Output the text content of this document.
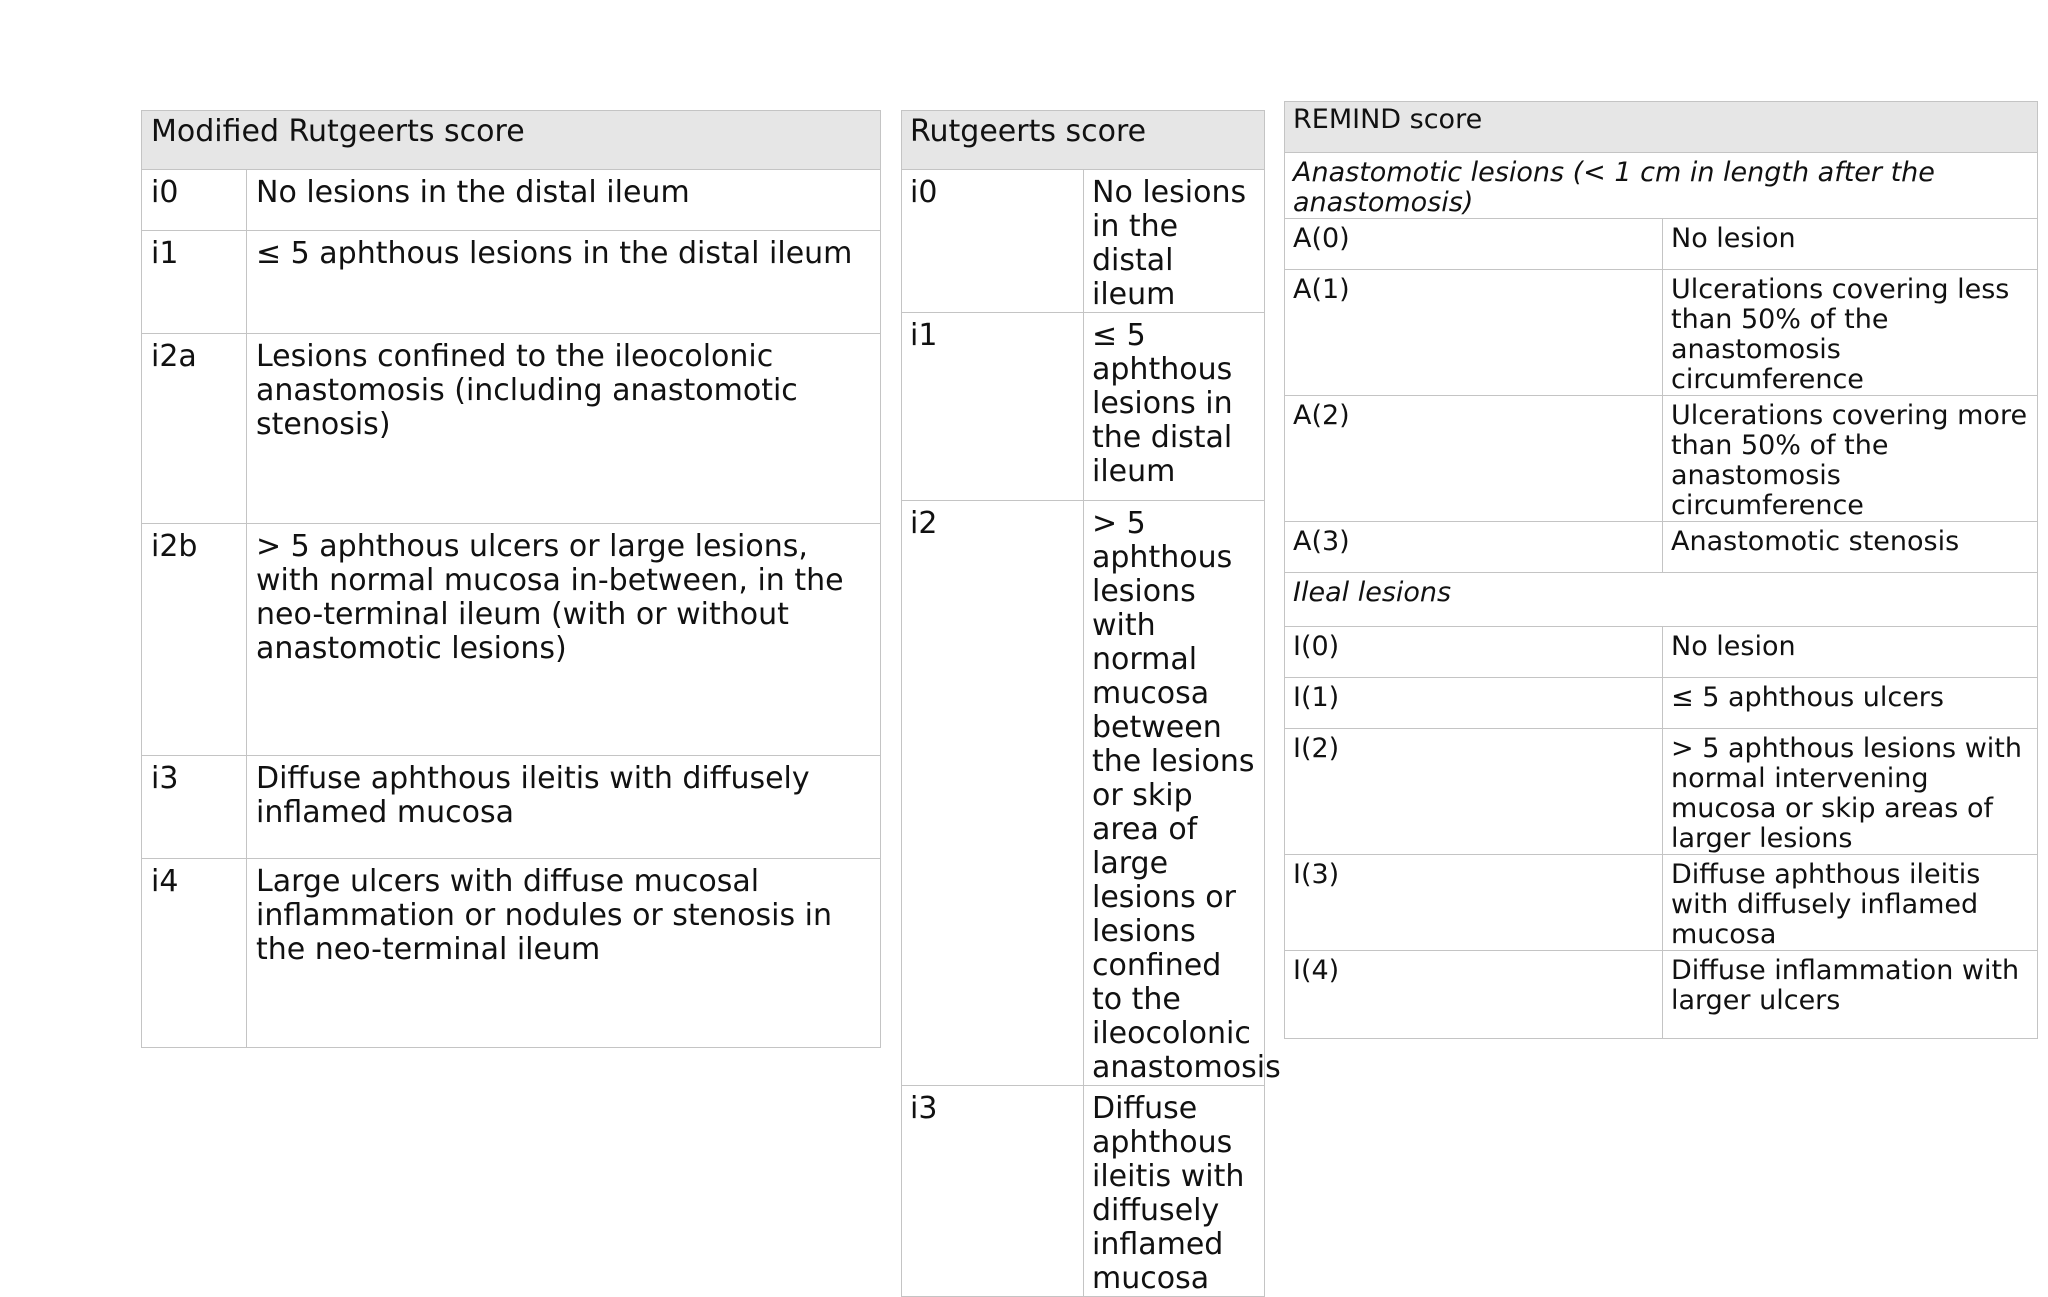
Modified Rutgeerts score	
i0	No lesions in the distal ileum
i1	≤ 5 aphthous lesions in the distal ileum
i2a	Lesions confined to the ileocolonic anastomosis (including anastomotic stenosis)
i2b	> 5 aphthous ulcers or large lesions, with normal mucosa in-between, in the neo-terminal ileum (with or without anastomotic lesions)
i3	Diffuse aphthous ileitis with diffusely inflamed mucosa
i4	Large ulcers with diffuse mucosal inflammation or nodules or stenosis in the neo-terminal ileum
Rutgeerts score	
i0	No lesions in the distal ileum
i1	≤ 5 aphthous lesions in the distal ileum
i2	> 5 aphthous lesions with normal mucosa between the lesions or skip area of large lesions or lesions confined to the ileocolonic anastomosis
i3	Diffuse aphthous ileitis with diffusely inflamed mucosa
REMIND score	
Anastomotic lesions (< 1 cm in length after the anastomosis)	
A(0)	No lesion
A(1)	Ulcerations covering less than 50% of the anastomosis circumference
A(2)	Ulcerations covering more than 50% of the anastomosis circumference
A(3)	Anastomotic stenosis
Ileal lesions	
I(0)	No lesion
I(1)	≤ 5 aphthous ulcers
I(2)	> 5 aphthous lesions with normal intervening mucosa or skip areas of larger lesions
I(3)	Diffuse aphthous ileitis with diffusely inflamed mucosa
I(4)	Diffuse inflammation with larger ulcers
